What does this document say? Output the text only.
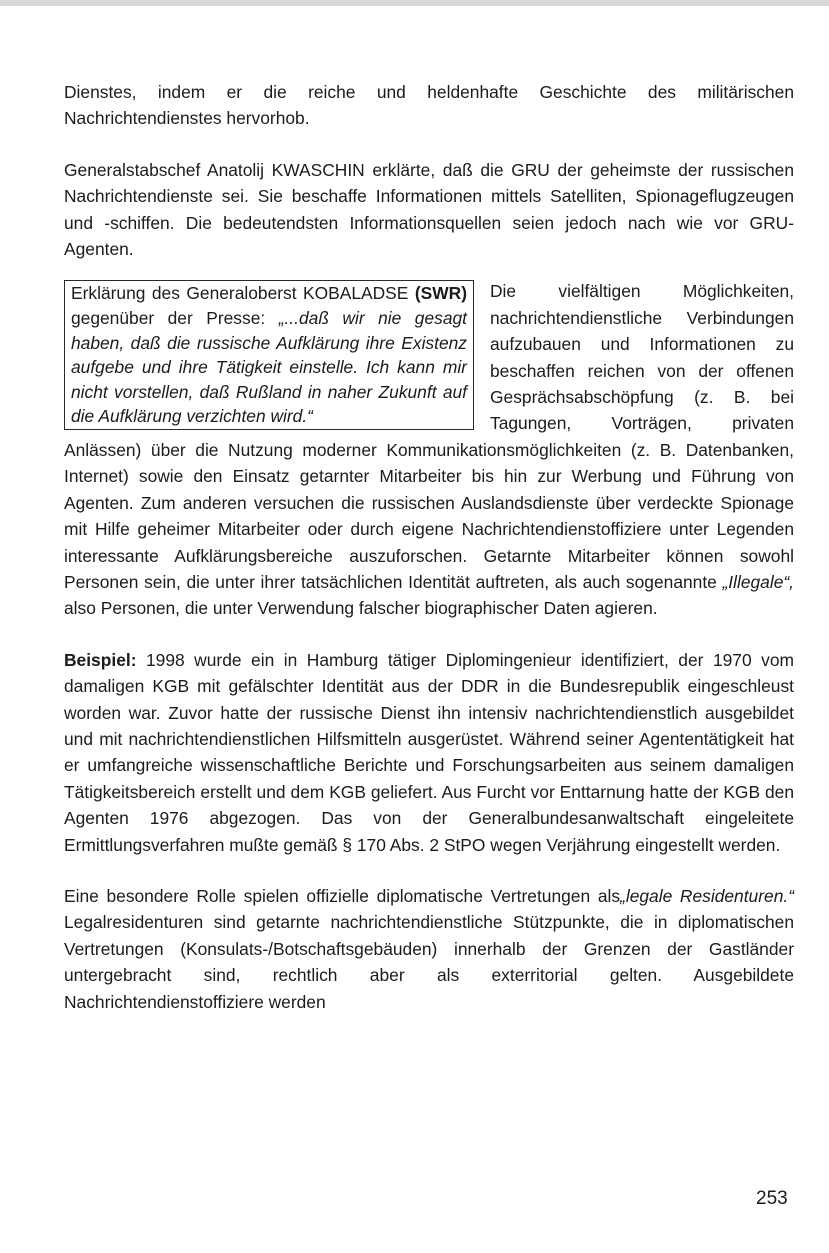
Dienstes, indem er die reiche und heldenhafte Geschichte des militärischen Nachrichtendienstes hervorhob.

Generalstabschef Anatolij KWASCHIN erklärte, daß die GRU der geheimste der russischen Nachrichtendienste sei. Sie beschaffe Informationen mittels Satelliten, Spionageflugzeugen und -schiffen. Die bedeutendsten Informationsquellen seien jedoch nach wie vor GRU-Agenten.

Erklärung des Generaloberst KOBALADSE (SWR) gegenüber der Presse: „...daß wir nie gesagt haben, daß die russische Aufklärung ihre Existenz aufgebe und ihre Tätigkeit einstelle. Ich kann mir nicht vorstellen, daß Rußland in naher Zukunft auf die Aufklärung verzichten wird.“

Die vielfältigen Möglichkeiten, nachrichtendienstliche Verbindungen aufzubauen und Informationen zu beschaffen reichen von der offenen Gesprächsabschöpfung (z. B. bei Tagungen, Vorträgen, privaten Anlässen) über die Nutzung moderner Kommunikationsmöglichkeiten (z. B. Datenbanken, Internet) sowie den Einsatz getarnter Mitarbeiter bis hin zur Werbung und Führung von Agenten. Zum anderen versuchen die russischen Auslandsdienste über verdeckte Spionage mit Hilfe geheimer Mitarbeiter oder durch eigene Nachrichtendienstoffiziere unter Legenden interessante Aufklärungsbereiche auszuforschen. Getarnte Mitarbeiter können sowohl Personen sein, die unter ihrer tatsächlichen Identität auftreten, als auch sogenannte „Illegale“, also Personen, die unter Verwendung falscher biographischer Daten agieren.

Beispiel: 1998 wurde ein in Hamburg tätiger Diplomingenieur identifiziert, der 1970 vom damaligen KGB mit gefälschter Identität aus der DDR in die Bundesrepublik eingeschleust worden war. Zuvor hatte der russische Dienst ihn intensiv nachrichtendienstlich ausgebildet und mit nachrichtendienstlichen Hilfsmitteln ausgerüstet. Während seiner Agententätigkeit hat er umfangreiche wissenschaftliche Berichte und Forschungsarbeiten aus seinem damaligen Tätigkeitsbereich erstellt und dem KGB geliefert. Aus Furcht vor Enttarnung hatte der KGB den Agenten 1976 abgezogen. Das von der Generalbundesanwaltschaft eingeleitete Ermittlungsverfahren mußte gemäß § 170 Abs. 2 StPO wegen Verjährung eingestellt werden.

Eine besondere Rolle spielen offizielle diplomatische Vertretungen als„legale Residenturen.“ Legalresidenturen sind getarnte nachrichtendienstliche Stützpunkte, die in diplomatischen Vertretungen (Konsulats-/Botschaftsgebäuden) innerhalb der Grenzen der Gastländer untergebracht sind, rechtlich aber als exterritorial gelten. Ausgebildete Nachrichtendienstoffiziere werden

253
